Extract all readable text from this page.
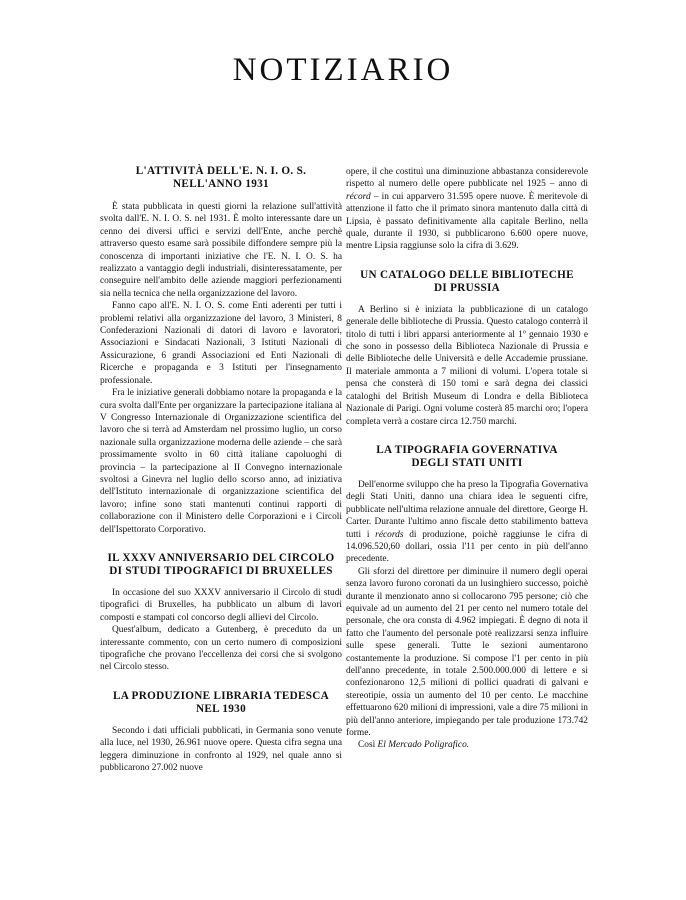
NOTIZIARIO
L'ATTIVITÀ DELL'E. N. I. O. S.
NELL'ANNO 1931

È stata pubblicata in questi giorni la relazione sull'attività svolta dall'E. N. I. O. S. nel 1931. È molto interessante dare un cenno dei diversi uffici e servizi dell'Ente, anche perchè attraverso questo esame sarà possibile diffondere sempre più la conoscenza di importanti iniziative che l'E. N. I. O. S. ha realizzato a vantaggio degli industriali, disinteressatamente, per conseguire nell'ambito delle aziende maggiori perfezionamenti sia nella tecnica che nella organizzazione del lavoro.

Fanno capo all'E. N. I. O. S. come Enti aderenti per tutti i problemi relativi alla organizzazione del lavoro, 3 Ministeri, 8 Confederazioni Nazionali di datori di lavoro e lavoratori, Associazioni e Sindacati Nazionali, 3 Istituti Nazionali di Assicurazione, 6 grandi Associazioni ed Enti Nazionali di Ricerche e propaganda e 3 Istituti per l'insegnamento professionale.

Fra le iniziative generali dobbiamo notare la propaganda e la cura svolta dall'Ente per organizzare la partecipazione italiana al V Congresso Internazionale di Organizzazione scientifica del lavoro che si terrà ad Amsterdam nel prossimo luglio, un corso nazionale sulla organizzazione moderna delle aziende – che sarà prossimamente svolto in 60 città italiane capoluoghi di provincia – la partecipazione al II Convegno internazionale svoltosi a Ginevra nel luglio dello scorso anno, ad iniziativa dell'Istituto internazionale di organizzazione scientifica del lavoro; infine sono stati mantenuti continui rapporti di collaborazione con il Ministero delle Corporazioni e i Circoli dell'Ispettorato Corporativo.

IL XXXV ANNIVERSARIO DEL CIRCOLO
DI STUDI TIPOGRAFICI DI BRUXELLES

In occasione del suo XXXV anniversario il Circolo di studi tipografici di Bruxelles, ha pubblicato un album di lavori composti e stampati col concorso degli allievi del Circolo.

Quest'album, dedicato a Gutenberg, è preceduto da un interessante commento, con un certo numero di composizioni tipografiche che provano l'eccellenza dei corsi che si svolgono nel Circolo stesso.

LA PRODUZIONE LIBRARIA TEDESCA
NEL 1930

Secondo i dati ufficiali pubblicati, in Germania sono venute alla luce, nel 1930, 26.961 nuove opere. Questa cifra segna una leggera diminuzione in confronto al 1929, nel quale anno si pubblicarono 27.002 nuove

opere, il che costituì una diminuzione abbastanza considerevole rispetto al numero delle opere pubblicate nel 1925 – anno di récord – in cui apparvero 31.595 opere nuove. È meritevole di attenzione il fatto che il primato sinora mantenuto dalla città di Lipsia, è passato definitivamente alla capitale Berlino, nella quale, durante il 1930, si pubblicarono 6.600 opere nuove, mentre Lipsia raggiunse solo la cifra di 3.629.

UN CATALOGO DELLE BIBLIOTECHE
DI PRUSSIA

A Berlino si è iniziata la pubblicazione di un catalogo generale delle biblioteche di Prussia. Questo catalogo conterrà il titolo di tutti i libri apparsi anteriormente al 1º gennaio 1930 e che sono in possesso della Biblioteca Nazionale di Prussia e delle Biblioteche delle Università e delle Accademie prussiane. Il materiale ammonta a 7 milioni di volumi. L'opera totale si pensa che consterà di 150 tomi e sarà degna dei classici cataloghi del British Museum di Londra e della Biblioteca Nazionale di Parigi. Ogni volume costerà 85 marchi oro; l'opera completa verrà a costare circa 12.750 marchi.

LA TIPOGRAFIA GOVERNATIVA
DEGLI STATI UNITI

Dell'enorme sviluppo che ha preso la Tipografia Governativa degli Stati Uniti, danno una chiara idea le seguenti cifre, pubblicate nell'ultima relazione annuale del direttore, George H. Carter. Durante l'ultimo anno fiscale detto stabilimento batteva tutti i récords di produzione, poichè raggiunse le cifra di 14.096.520,60 dollari, ossia l'11 per cento in più dell'anno precedente.

Gli sforzi del direttore per diminuire il numero degli operai senza lavoro furono coronati da un lusinghiero successo, poichè durante il menzionato anno si collocarono 795 persone; ciò che equivale ad un aumento del 21 per cento nel numero totale del personale, che ora consta di 4.962 impiegati. È degno di nota il fatto che l'aumento del personale potè realizzarsi senza influire sulle spese generali. Tutte le sezioni aumentarono costantemente la produzione. Si compose l'1 per cento in più dell'anno precedente, in totale 2.500.000.000 di lettere e si confezionarono 12,5 milioni di pollici quadrati di galvani e stereotipie, ossia un aumento del 10 per cento. Le macchine effettuarono 620 milioni di impressioni, vale a dire 75 milioni in più dell'anno anteriore, impiegando per tale produzione 173.742 forme.

Così El Mercado Poligrafico.
